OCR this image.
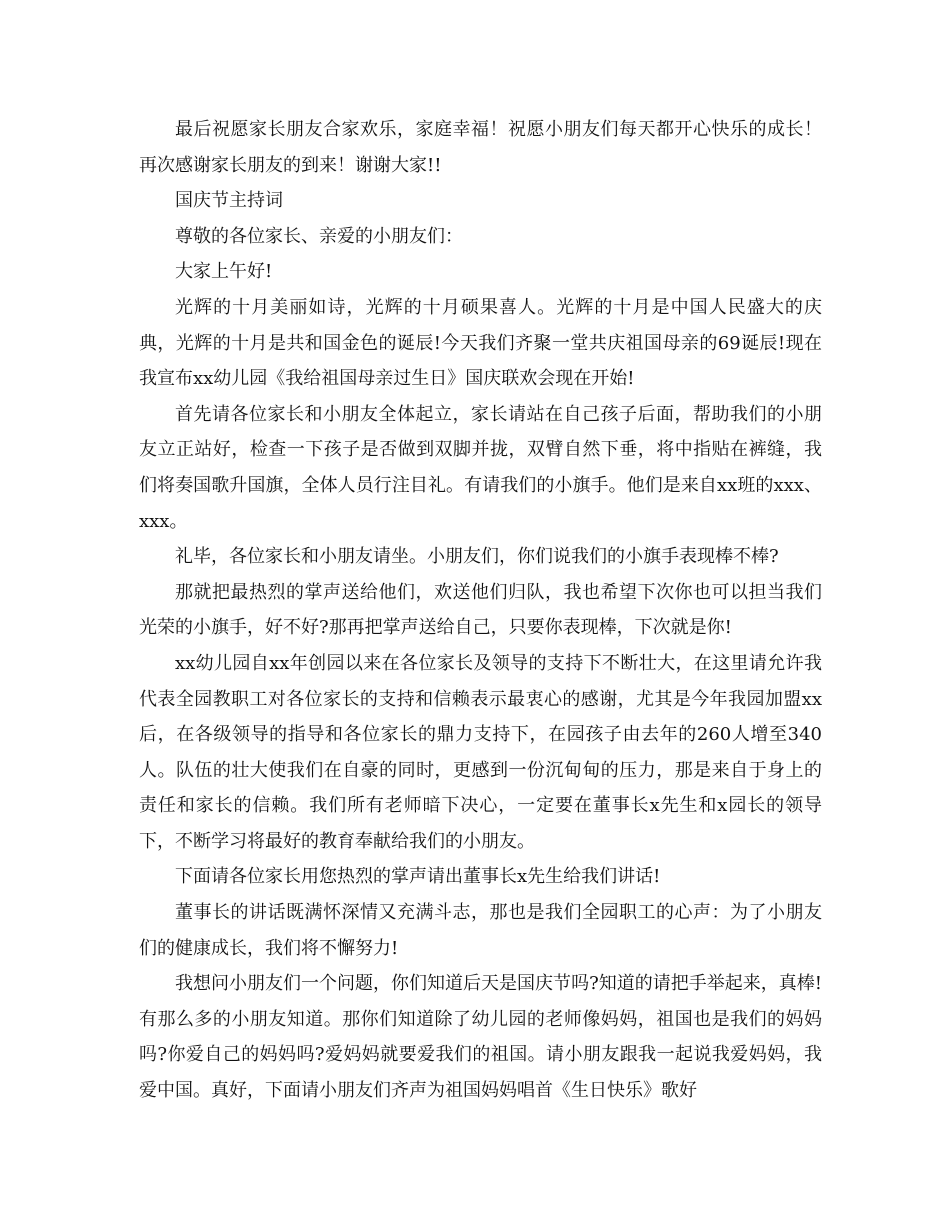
最后祝愿家长朋友合家欢乐，家庭幸福！祝愿小朋友们每天都开心快乐的成长！再次感谢家长朋友的到来！谢谢大家!!

国庆节主持词

尊敬的各位家长、亲爱的小朋友们：

大家上午好!

光辉的十月美丽如诗，光辉的十月硕果喜人。光辉的十月是中国人民盛大的庆典，光辉的十月是共和国金色的诞辰!今天我们齐聚一堂共庆祖国母亲的69诞辰!现在我宣布xx幼儿园《我给祖国母亲过生日》国庆联欢会现在开始!

首先请各位家长和小朋友全体起立，家长请站在自己孩子后面，帮助我们的小朋友立正站好，检查一下孩子是否做到双脚并拢，双臂自然下垂，将中指贴在裤缝，我们将奏国歌升国旗，全体人员行注目礼。有请我们的小旗手。他们是来自xx班的xxx、xxx。

礼毕，各位家长和小朋友请坐。小朋友们，你们说我们的小旗手表现棒不棒?

那就把最热烈的掌声送给他们，欢送他们归队，我也希望下次你也可以担当我们光荣的小旗手，好不好?那再把掌声送给自己，只要你表现棒，下次就是你!

xx幼儿园自xx年创园以来在各位家长及领导的支持下不断壮大，在这里请允许我代表全园教职工对各位家长的支持和信赖表示最衷心的感谢，尤其是今年我园加盟xx后，在各级领导的指导和各位家长的鼎力支持下，在园孩子由去年的260人增至340人。队伍的壮大使我们在自豪的同时，更感到一份沉甸甸的压力，那是来自于身上的责任和家长的信赖。我们所有老师暗下决心，一定要在董事长x先生和x园长的领导下，不断学习将最好的教育奉献给我们的小朋友。

下面请各位家长用您热烈的掌声请出董事长x先生给我们讲话!

董事长的讲话既满怀深情又充满斗志，那也是我们全园职工的心声：为了小朋友们的健康成长，我们将不懈努力!

我想问小朋友们一个问题，你们知道后天是国庆节吗?知道的请把手举起来，真棒!有那么多的小朋友知道。那你们知道除了幼儿园的老师像妈妈，祖国也是我们的妈妈吗?你爱自己的妈妈吗?爱妈妈就要爱我们的祖国。请小朋友跟我一起说我爱妈妈，我爱中国。真好，下面请小朋友们齐声为祖国妈妈唱首《生日快乐》歌好
